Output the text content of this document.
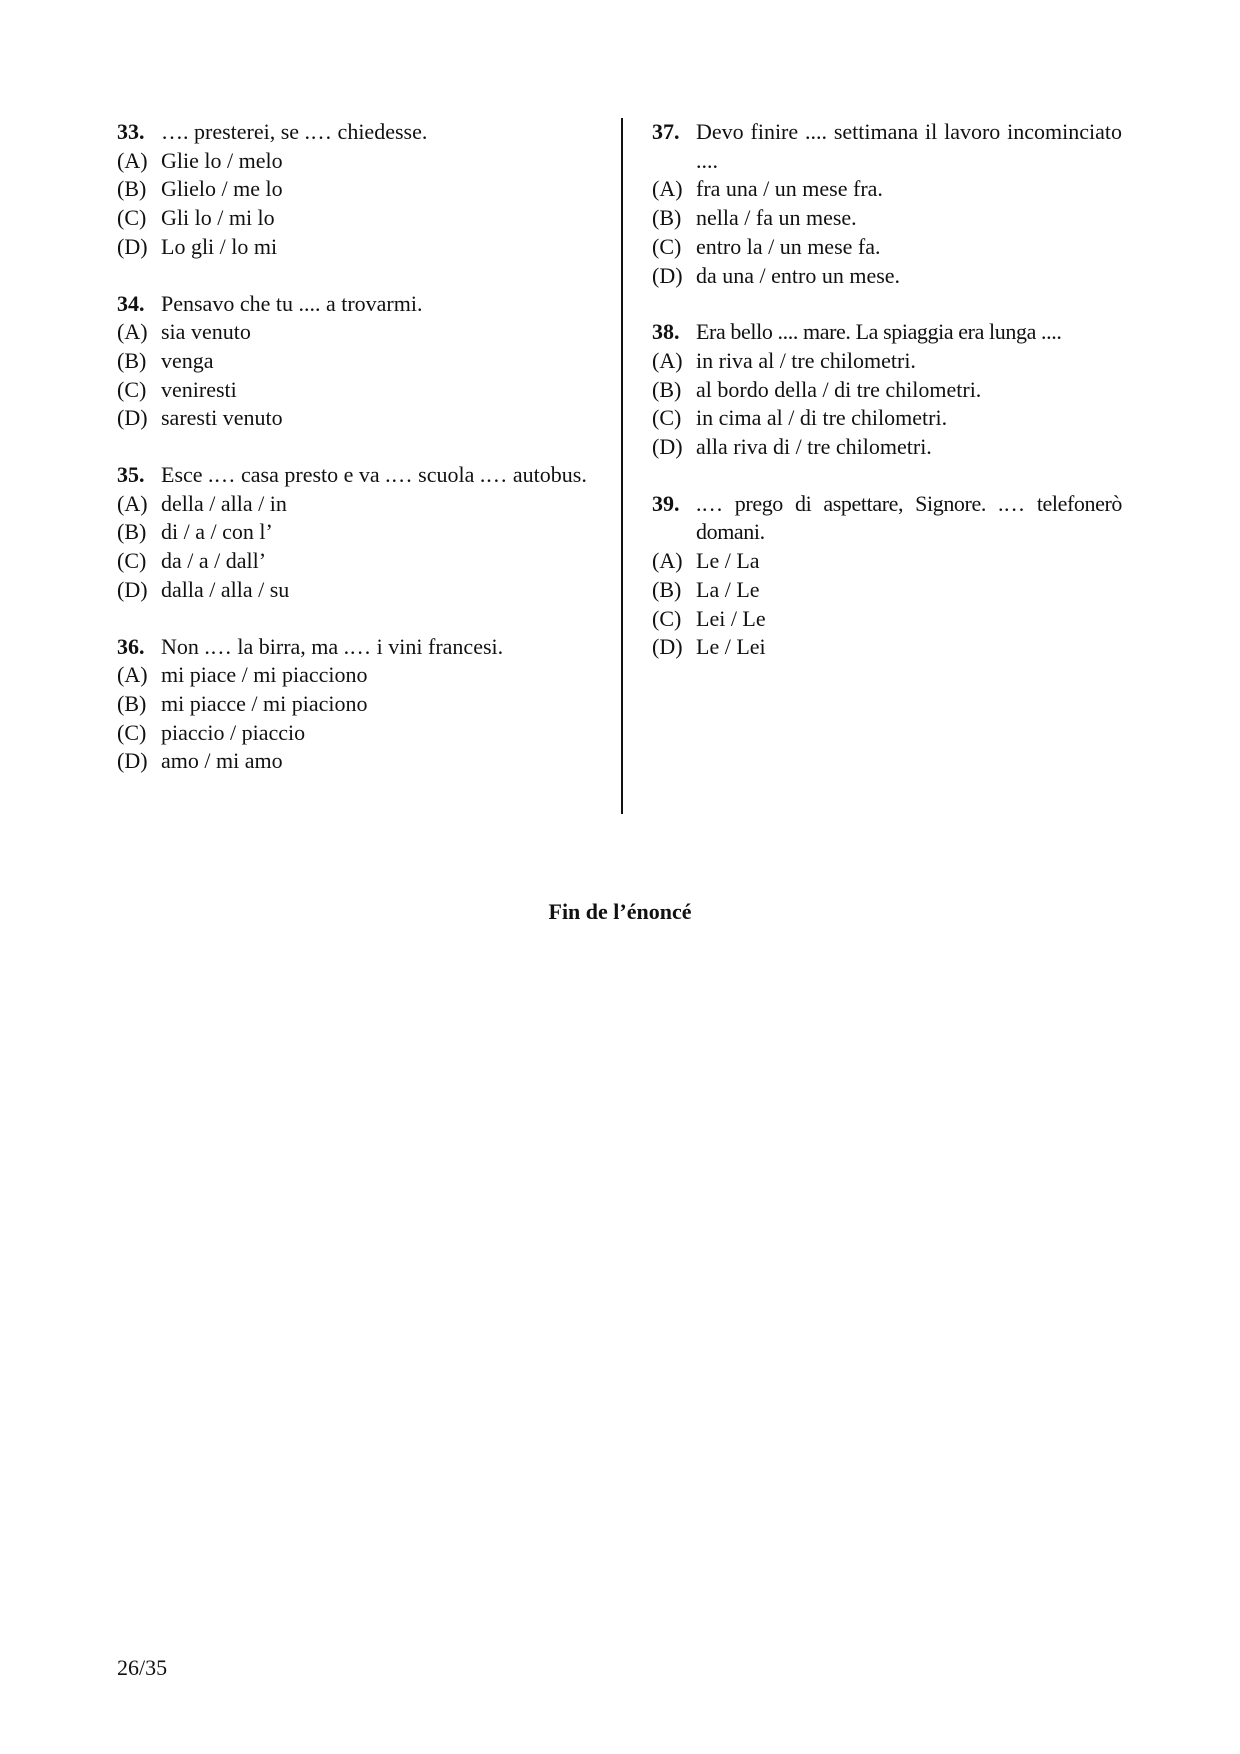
33. …. presterei, se .… chiedesse.
(A) Glie lo / melo
(B) Glielo / me lo
(C) Gli lo / mi lo
(D) Lo gli / lo mi
34. Pensavo che tu .... a trovarmi.
(A) sia venuto
(B) venga
(C) veniresti
(D) saresti venuto
35. Esce .… casa presto e va .… scuola .… autobus.
(A) della / alla / in
(B) di / a / con l’
(C) da / a / dall’
(D) dalla / alla / su
36. Non .… la birra, ma .… i vini francesi.
(A) mi piace / mi piacciono
(B) mi piacce / mi piaciono
(C) piaccio / piaccio
(D) amo / mi amo
37. Devo finire .... settimana il lavoro incominciato ....
(A) fra una / un mese fra.
(B) nella / fa un mese.
(C) entro la / un mese fa.
(D) da una / entro un mese.
38. Era bello .... mare. La spiaggia era lunga ....
(A) in riva al / tre chilometri.
(B) al bordo della / di tre chilometri.
(C) in cima al / di tre chilometri.
(D) alla riva di / tre chilometri.
39. .… prego di aspettare, Signore. .… telefonerò domani.
(A) Le / La
(B) La / Le
(C) Lei / Le
(D) Le / Lei
Fin de l’énoncé
26/35
